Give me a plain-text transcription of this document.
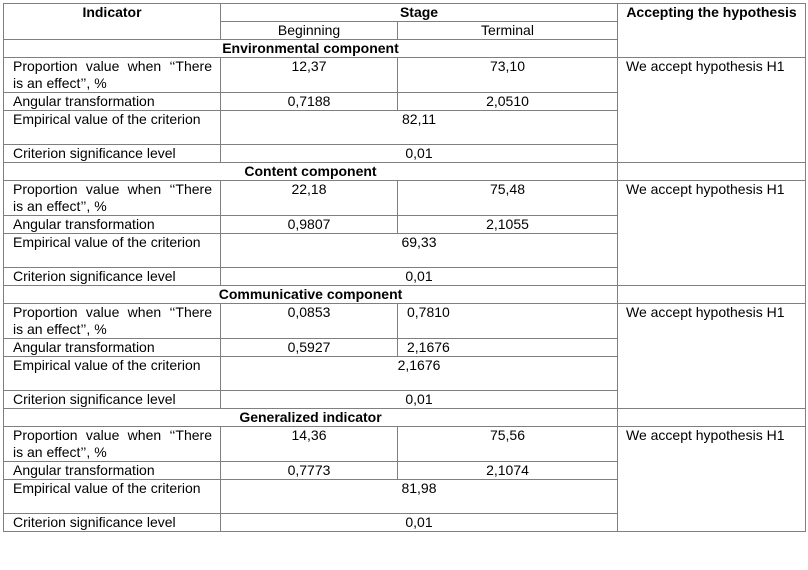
Indicator	Stage		Accepting the hypothesis
	Beginning	Terminal	
Environmental component			
Proportion value when ‘‘There is an effect’’, %	12,37	73,10	We accept hypothesis H1
Angular transformation	0,7188	2,0510	
Empirical value of the criterion	82,11		
Criterion significance level	0,01		
Content component			
Proportion value when ‘‘There is an effect’’, %	22,18	75,48	We accept hypothesis H1
Angular transformation	0,9807	2,1055	
Empirical value of the criterion	69,33		
Criterion significance level	0,01		
Communicative component			
Proportion value when ‘‘There is an effect’’, %	0,0853	0,7810	We accept hypothesis H1
Angular transformation	0,5927	2,1676	
Empirical value of the criterion	2,1676		
Criterion significance level	0,01		
Generalized indicator			
Proportion value when ‘‘There is an effect’’, %	14,36	75,56	We accept hypothesis H1
Angular transformation	0,7773	2,1074	
Empirical value of the criterion	81,98		
Criterion significance level	0,01		
